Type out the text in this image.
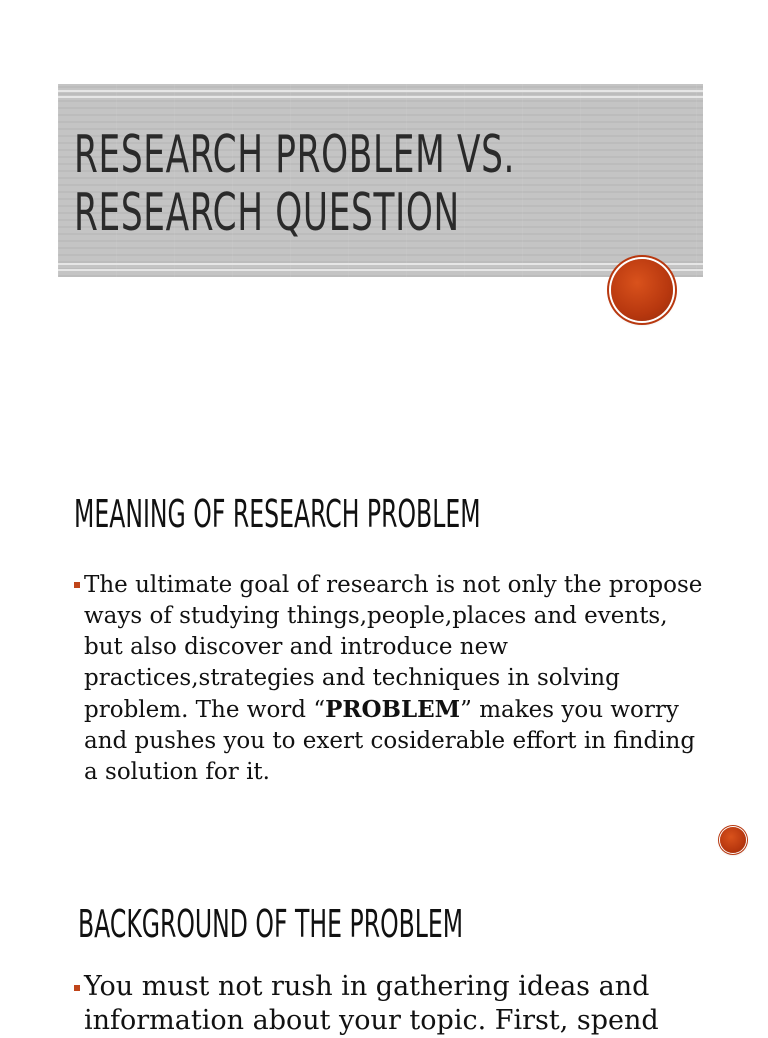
RESEARCH PROBLEM VS.
RESEARCH QUESTION
MEANING OF RESEARCH PROBLEM
The ultimate goal of research is not only the propose ways of studying things,people,places and events, but also discover and introduce new practices,strategies and techniques in solving problem. The word “PROBLEM” makes you worry and pushes you to exert cosiderable effort in finding a solution for it.
BACKGROUND OF THE PROBLEM
You must not rush in gathering ideas and information about your topic. First, spend
